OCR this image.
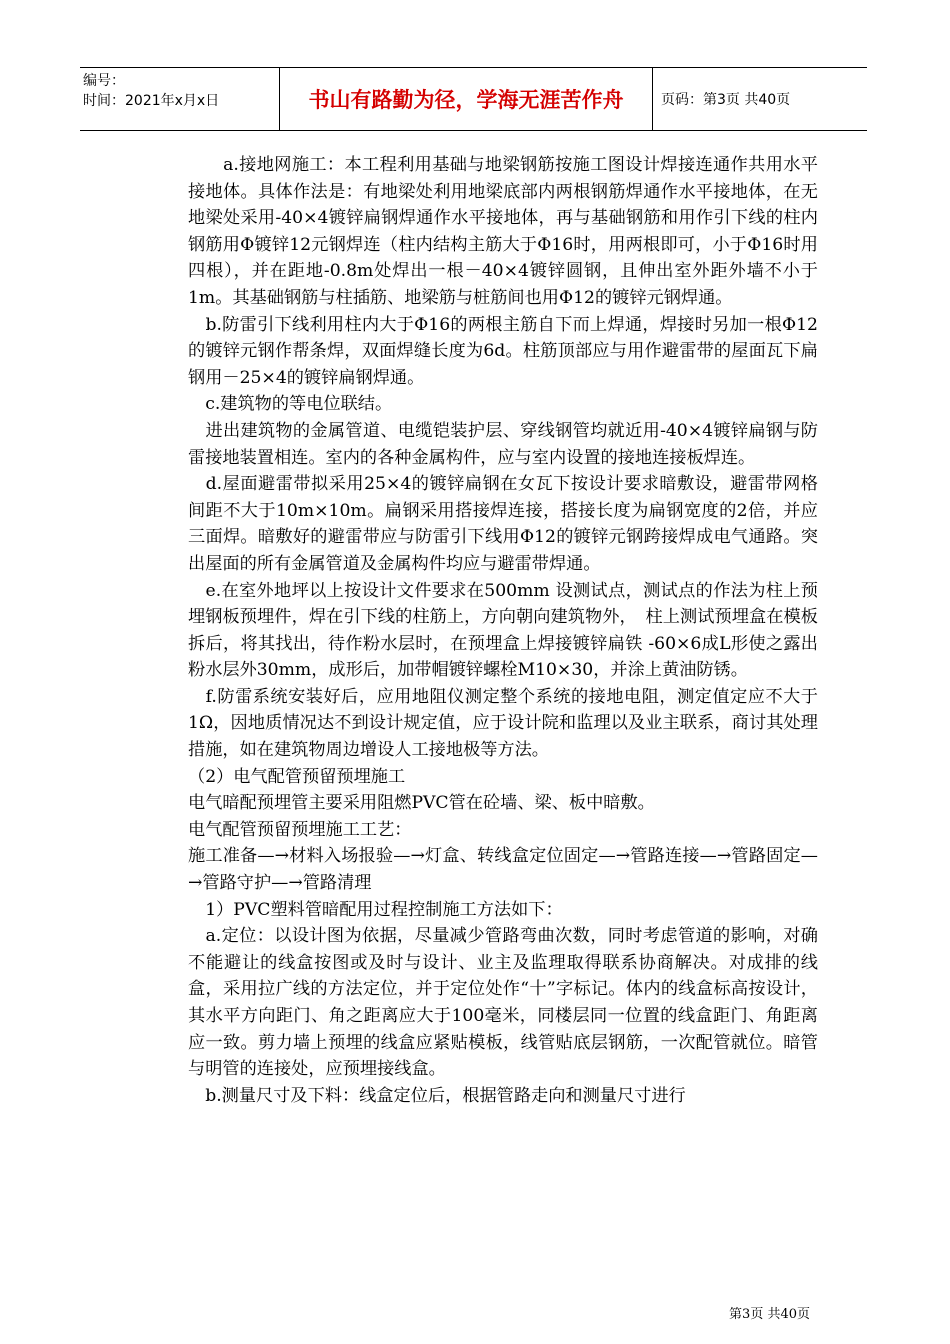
编号：
时间：2021年x月x日	书山有路勤为径，学海无涯苦作舟	页码：第3页 共40页

　　a.接地网施工：本工程利用基础与地梁钢筋按施工图设计焊接连通作共用水平接地体。具体作法是：有地梁处利用地梁底部内两根钢筋焊通作水平接地体，在无地梁处采用-40×4镀锌扁钢焊通作水平接地体，再与基础钢筋和用作引下线的柱内钢筋用Φ镀锌12元钢焊连（柱内结构主筋大于Φ16时，用两根即可，小于Φ16时用四根），并在距地-0.8m处焊出一根－40×4镀锌圆钢，且伸出室外距外墙不小于1m。其基础钢筋与柱插筋、地梁筋与桩筋间也用Φ12的镀锌元钢焊通。

　b.防雷引下线利用柱内大于Φ16的两根主筋自下而上焊通，焊接时另加一根Φ12的镀锌元钢作帮条焊，双面焊缝长度为6d。柱筋顶部应与用作避雷带的屋面瓦下扁钢用－25×4的镀锌扁钢焊通。

　c.建筑物的等电位联结。

　进出建筑物的金属管道、电缆铠装护层、穿线钢管均就近用-40×4镀锌扁钢与防雷接地装置相连。室内的各种金属构件，应与室内设置的接地连接板焊连。

　d.屋面避雷带拟采用25×4的镀锌扁钢在女瓦下按设计要求暗敷设，避雷带网格间距不大于10m×10m。扁钢采用搭接焊连接，搭接长度为扁钢宽度的2倍，并应三面焊。暗敷好的避雷带应与防雷引下线用Φ12的镀锌元钢跨接焊成电气通路。突出屋面的所有金属管道及金属构件均应与避雷带焊通。

　e.在室外地坪以上按设计文件要求在500mm 设测试点，测试点的作法为柱上预埋钢板预埋件，焊在引下线的柱筋上，方向朝向建筑物外，　柱上测试预埋盒在模板拆后，将其找出，待作粉水层时，在预埋盒上焊接镀锌扁铁 -60×6成L形使之露出粉水层外30mm，成形后，加带帽镀锌螺栓M10×30，并涂上黄油防锈。

　f.防雷系统安装好后，应用地阻仪测定整个系统的接地电阻，测定值定应不大于1Ω，因地质情况达不到设计规定值，应于设计院和监理以及业主联系，商讨其处理措施，如在建筑物周边增设人工接地极等方法。

（2）电气配管预留预埋施工

电气暗配预埋管主要采用阻燃PVC管在砼墙、梁、板中暗敷。

电气配管预留预埋施工工艺：

施工准备—→材料入场报验—→灯盒、转线盒定位固定—→管路连接—→管路固定—→管路守护—→管路清理

　1）PVC塑料管暗配用过程控制施工方法如下：

　a.定位：以设计图为依据，尽量减少管路弯曲次数，同时考虑管道的影响，对确不能避让的线盒按图或及时与设计、业主及监理取得联系协商解决。对成排的线盒，采用拉广线的方法定位，并于定位处作“十”字标记。体内的线盒标高按设计，其水平方向距门、角之距离应大于100毫米，同楼层同一位置的线盒距门、角距离应一致。剪力墙上预埋的线盒应紧贴模板，线管贴底层钢筋，一次配管就位。暗管与明管的连接处，应预埋接线盒。

　b.测量尺寸及下料：线盒定位后，根据管路走向和测量尺寸进行

第3页 共40页
